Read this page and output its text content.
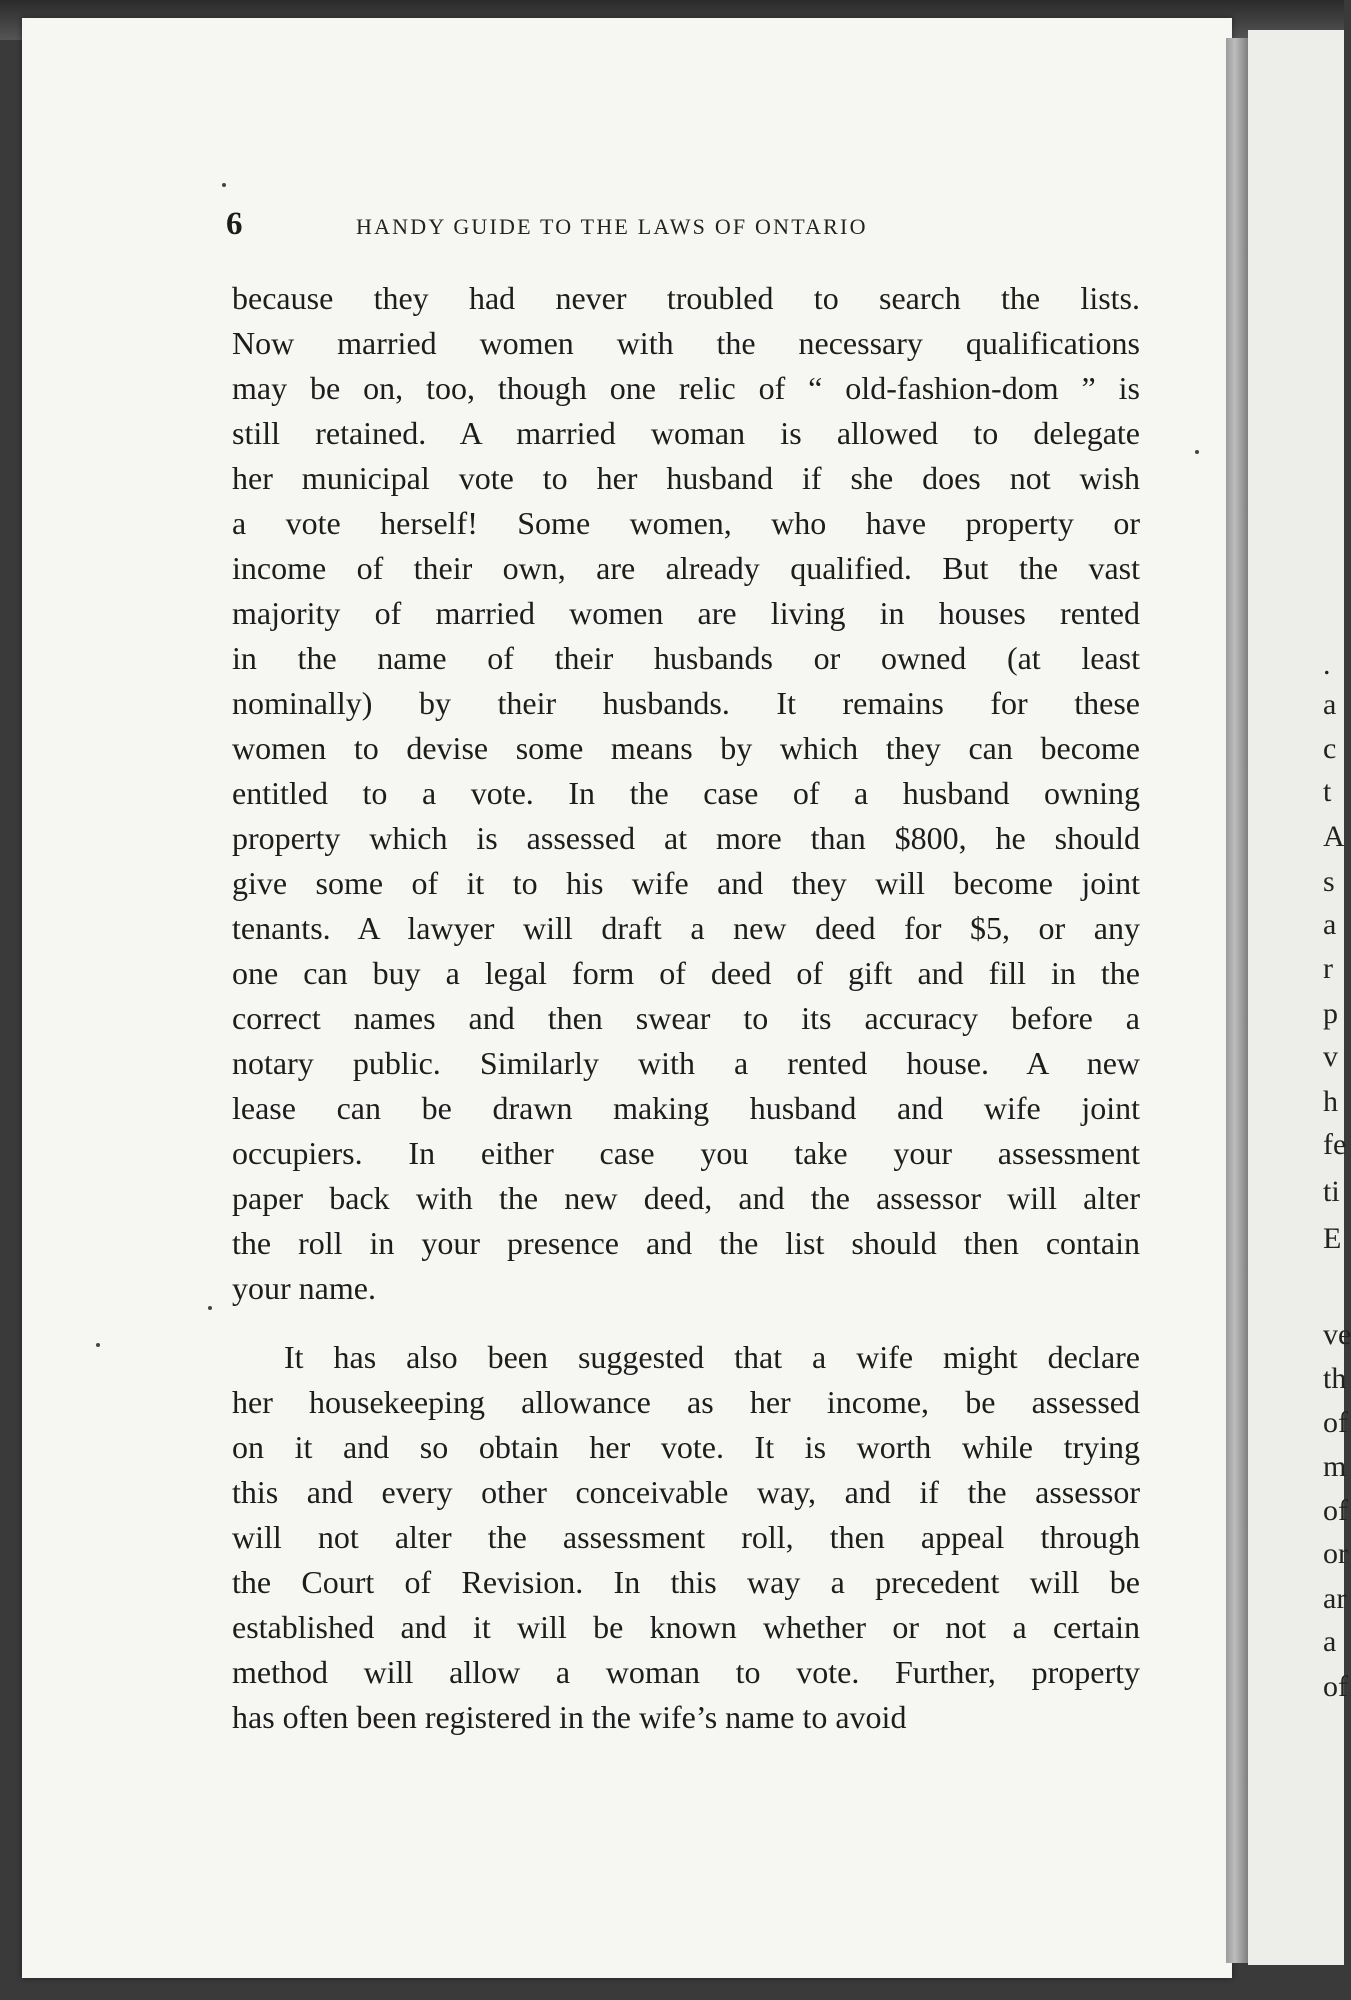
.
a
c
t
A
s
a
r
p
v
h
fe
ti
E
ve
th
of
m
of
or
ar
a
of
6	HANDY GUIDE TO THE LAWS OF ONTARIO
because they had never troubled to search the lists.
Now married women with the necessary qualifications
may be on, too, though one relic of “ old-fashion-dom ” is
still retained. A married woman is allowed to delegate
her municipal vote to her husband if she does not wish
a vote herself! Some women, who have property or
income of their own, are already qualified. But the vast
majority of married women are living in houses rented
in the name of their husbands or owned (at least
nominally) by their husbands. It remains for these
women to devise some means by which they can become
entitled to a vote. In the case of a husband owning
property which is assessed at more than $800, he should
give some of it to his wife and they will become joint
tenants. A lawyer will draft a new deed for $5, or any
one can buy a legal form of deed of gift and fill in the
correct names and then swear to its accuracy before a
notary public. Similarly with a rented house. A new
lease can be drawn making husband and wife joint
occupiers. In either case you take your assessment
paper back with the new deed, and the assessor will alter
the roll in your presence and the list should then contain
your name.
It has also been suggested that a wife might declare
her housekeeping allowance as her income, be assessed
on it and so obtain her vote. It is worth while trying
this and every other conceivable way, and if the assessor
will not alter the assessment roll, then appeal through
the Court of Revision. In this way a precedent will be
established and it will be known whether or not a certain
method will allow a woman to vote. Further, property
has often been registered in the wife’s name to avoid
